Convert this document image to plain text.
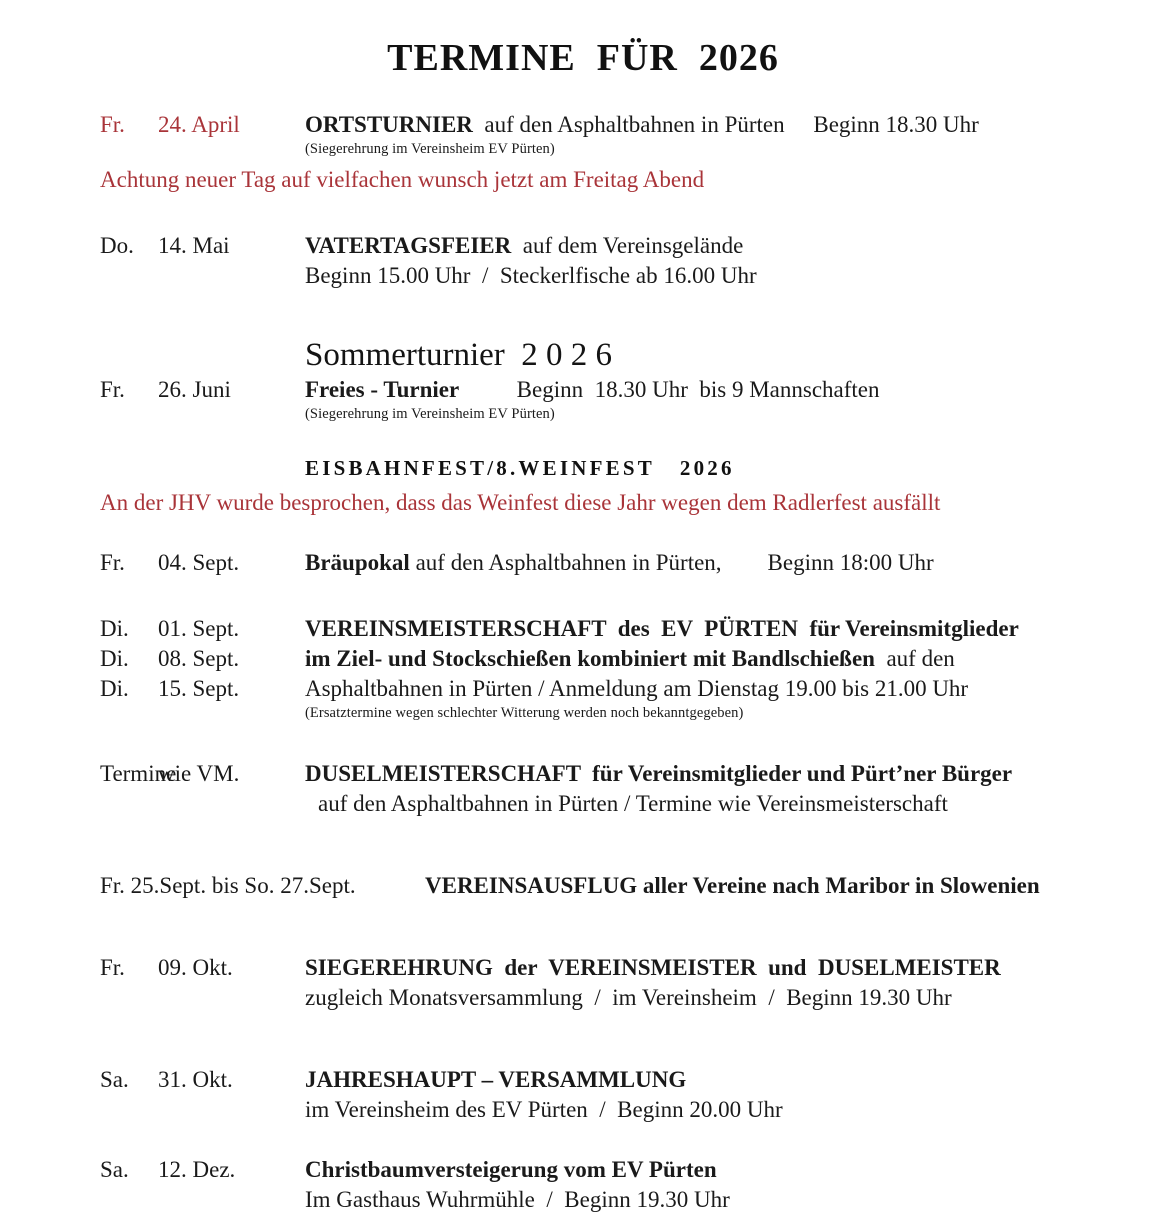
TERMINE  FÜR  2026
Fr.	24. April	ORTSTURNIER  auf den Asphaltbahnen in Pürten     Beginn 18.30 Uhr
(Siegerehrung im Vereinsheim EV Pürten)
Achtung neuer Tag auf vielfachen wunsch jetzt am Freitag Abend
Do.	14. Mai	VATERTAGSFEIER  auf dem Vereinsgelände
Beginn 15.00 Uhr  /  Steckerlfische ab 16.00 Uhr
Sommerturnier  2 0 2 6
Fr.	26. Juni	Freies - Turnier          Beginn  18.30 Uhr  bis 9 Mannschaften
(Siegerehrung im Vereinsheim EV Pürten)
EISBAHNFEST/8.WEINFEST   2026
An der JHV wurde besprochen, dass das Weinfest diese Jahr wegen dem Radlerfest ausfällt
Fr.	04. Sept.	Bräupokal auf den Asphaltbahnen in Pürten,        Beginn 18:00 Uhr
Di.	01. Sept.	VEREINSMEISTERSCHAFT  des  EV  PÜRTEN  für Vereinsmitglieder
Di.	08. Sept.	im Ziel- und Stockschießen kombiniert mit Bandlschießen  auf den
Di.	15. Sept.	Asphaltbahnen in Pürten / Anmeldung am Dienstag 19.00 bis 21.00 Uhr
(Ersatztermine wegen schlechter Witterung werden noch bekanntgegeben)
Termine
wie VM.	DUSELMEISTERSCHAFT  für Vereinsmitglieder und Pürt’ner Bürger
auf den Asphaltbahnen in Pürten / Termine wie Vereinsmeisterschaft
Fr. 25.Sept. bis So. 27.Sept.	VEREINSAUSFLUG aller Vereine nach Maribor in Slowenien
Fr.	09. Okt.	SIEGEREHRUNG  der  VEREINSMEISTER  und  DUSELMEISTER
zugleich Monatsversammlung  /  im Vereinsheim  /  Beginn 19.30 Uhr
Sa.	31. Okt.	JAHRESHAUPT – VERSAMMLUNG
im Vereinsheim des EV Pürten  /  Beginn 20.00 Uhr
Sa.	12. Dez.	Christbaumversteigerung vom EV Pürten
Im Gasthaus Wuhrmühle  /  Beginn 19.30 Uhr
